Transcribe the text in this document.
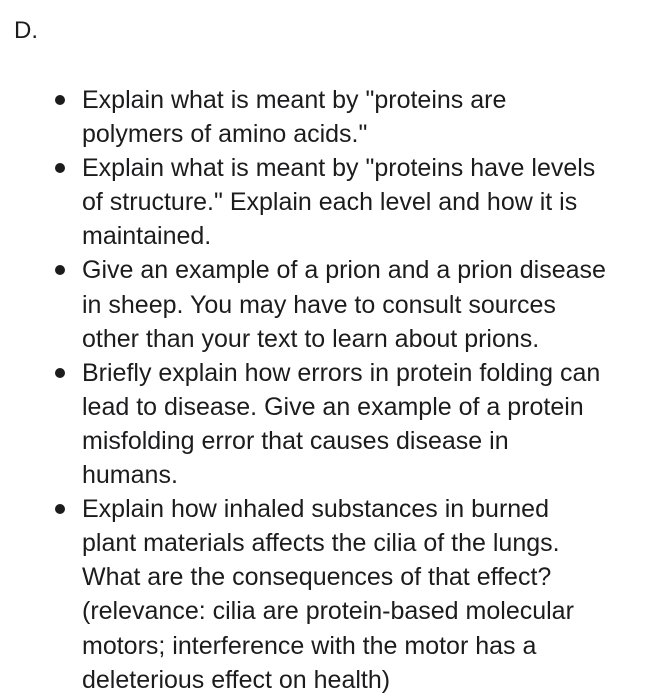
D.
Explain what is meant by "proteins are
polymers of amino acids."
Explain what is meant by "proteins have levels
of structure." Explain each level and how it is
maintained.
Give an example of a prion and a prion disease
in sheep. You may have to consult sources
other than your text to learn about prions.
Briefly explain how errors in protein folding can
lead to disease. Give an example of a protein
misfolding error that causes disease in
humans.
Explain how inhaled substances in burned
plant materials affects the cilia of the lungs.
What are the consequences of that effect?
(relevance: cilia are protein-based molecular
motors; interference with the motor has a
deleterious effect on health)
